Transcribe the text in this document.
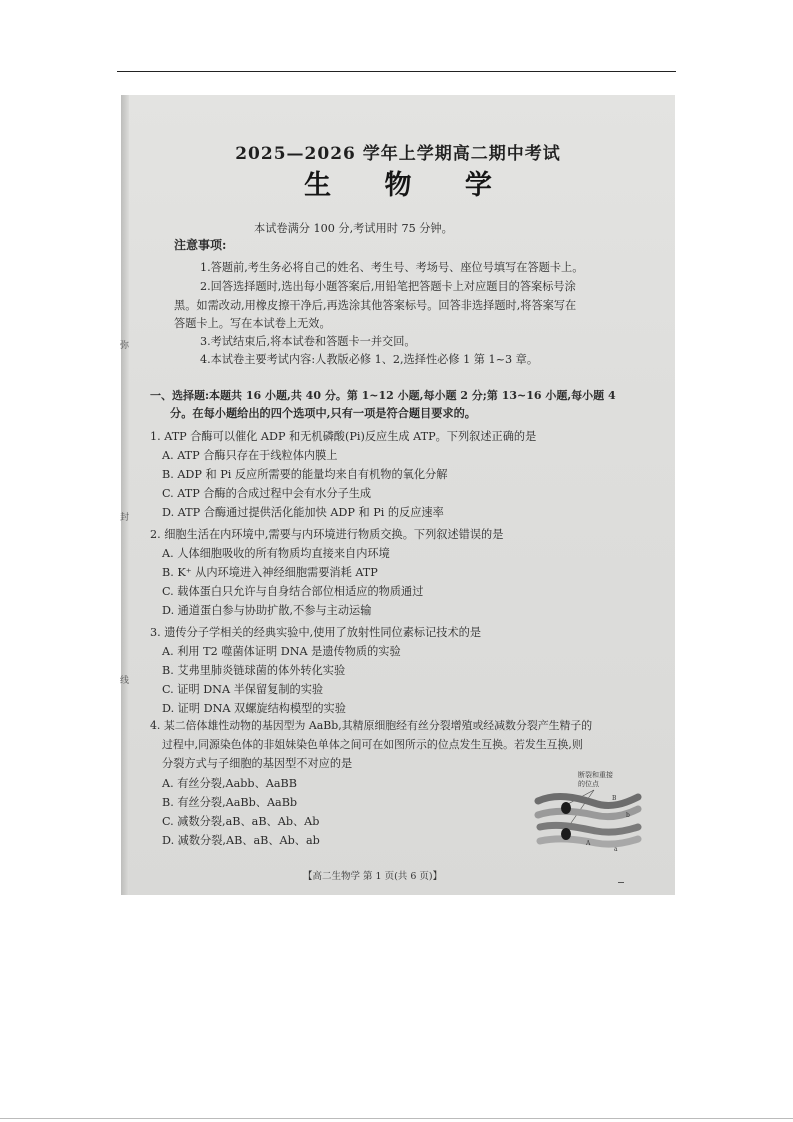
弥
封
线
2025—2026 学年上学期高二期中考试
生 物 学
本试卷满分 100 分,考试用时 75 分钟。
注意事项:
1.答题前,考生务必将自己的姓名、考生号、考场号、座位号填写在答题卡上。
2.回答选择题时,选出每小题答案后,用铅笔把答题卡上对应题目的答案标号涂
黑。如需改动,用橡皮擦干净后,再选涂其他答案标号。回答非选择题时,将答案写在
答题卡上。写在本试卷上无效。
3.考试结束后,将本试卷和答题卡一并交回。
4.本试卷主要考试内容:人教版必修 1、2,选择性必修 1 第 1~3 章。
一、选择题:本题共 16 小题,共 40 分。第 1~12 小题,每小题 2 分;第 13~16 小题,每小题 4
分。在每小题给出的四个选项中,只有一项是符合题目要求的。
1. ATP 合酶可以催化 ADP 和无机磷酸(Pi)反应生成 ATP。下列叙述正确的是
A. ATP 合酶只存在于线粒体内膜上
B. ADP 和 Pi 反应所需要的能量均来自有机物的氧化分解
C. ATP 合酶的合成过程中会有水分子生成
D. ATP 合酶通过提供活化能加快 ADP 和 Pi 的反应速率
2. 细胞生活在内环境中,需要与内环境进行物质交换。下列叙述错误的是
A. 人体细胞吸收的所有物质均直接来自内环境
B. K⁺ 从内环境进入神经细胞需要消耗 ATP
C. 载体蛋白只允许与自身结合部位相适应的物质通过
D. 通道蛋白参与协助扩散,不参与主动运输
3. 遗传分子学相关的经典实验中,使用了放射性同位素标记技术的是
A. 利用 T2 噬菌体证明 DNA 是遗传物质的实验
B. 艾弗里肺炎链球菌的体外转化实验
C. 证明 DNA 半保留复制的实验
D. 证明 DNA 双螺旋结构模型的实验
4. 某二倍体雄性动物的基因型为 AaBb,其精原细胞经有丝分裂增殖或经减数分裂产生精子的
过程中,同源染色体的非姐妹染色单体之间可在如图所示的位点发生互换。若发生互换,则
分裂方式与子细胞的基因型不对应的是
A. 有丝分裂,Aabb、AaBB
B. 有丝分裂,AaBb、AaBb
C. 减数分裂,aB、aB、Ab、Ab
D. 减数分裂,AB、aB、Ab、ab
断裂和重接
的位点
B
b
A
a
【高二生物学 第 1 页(共 6 页)】
